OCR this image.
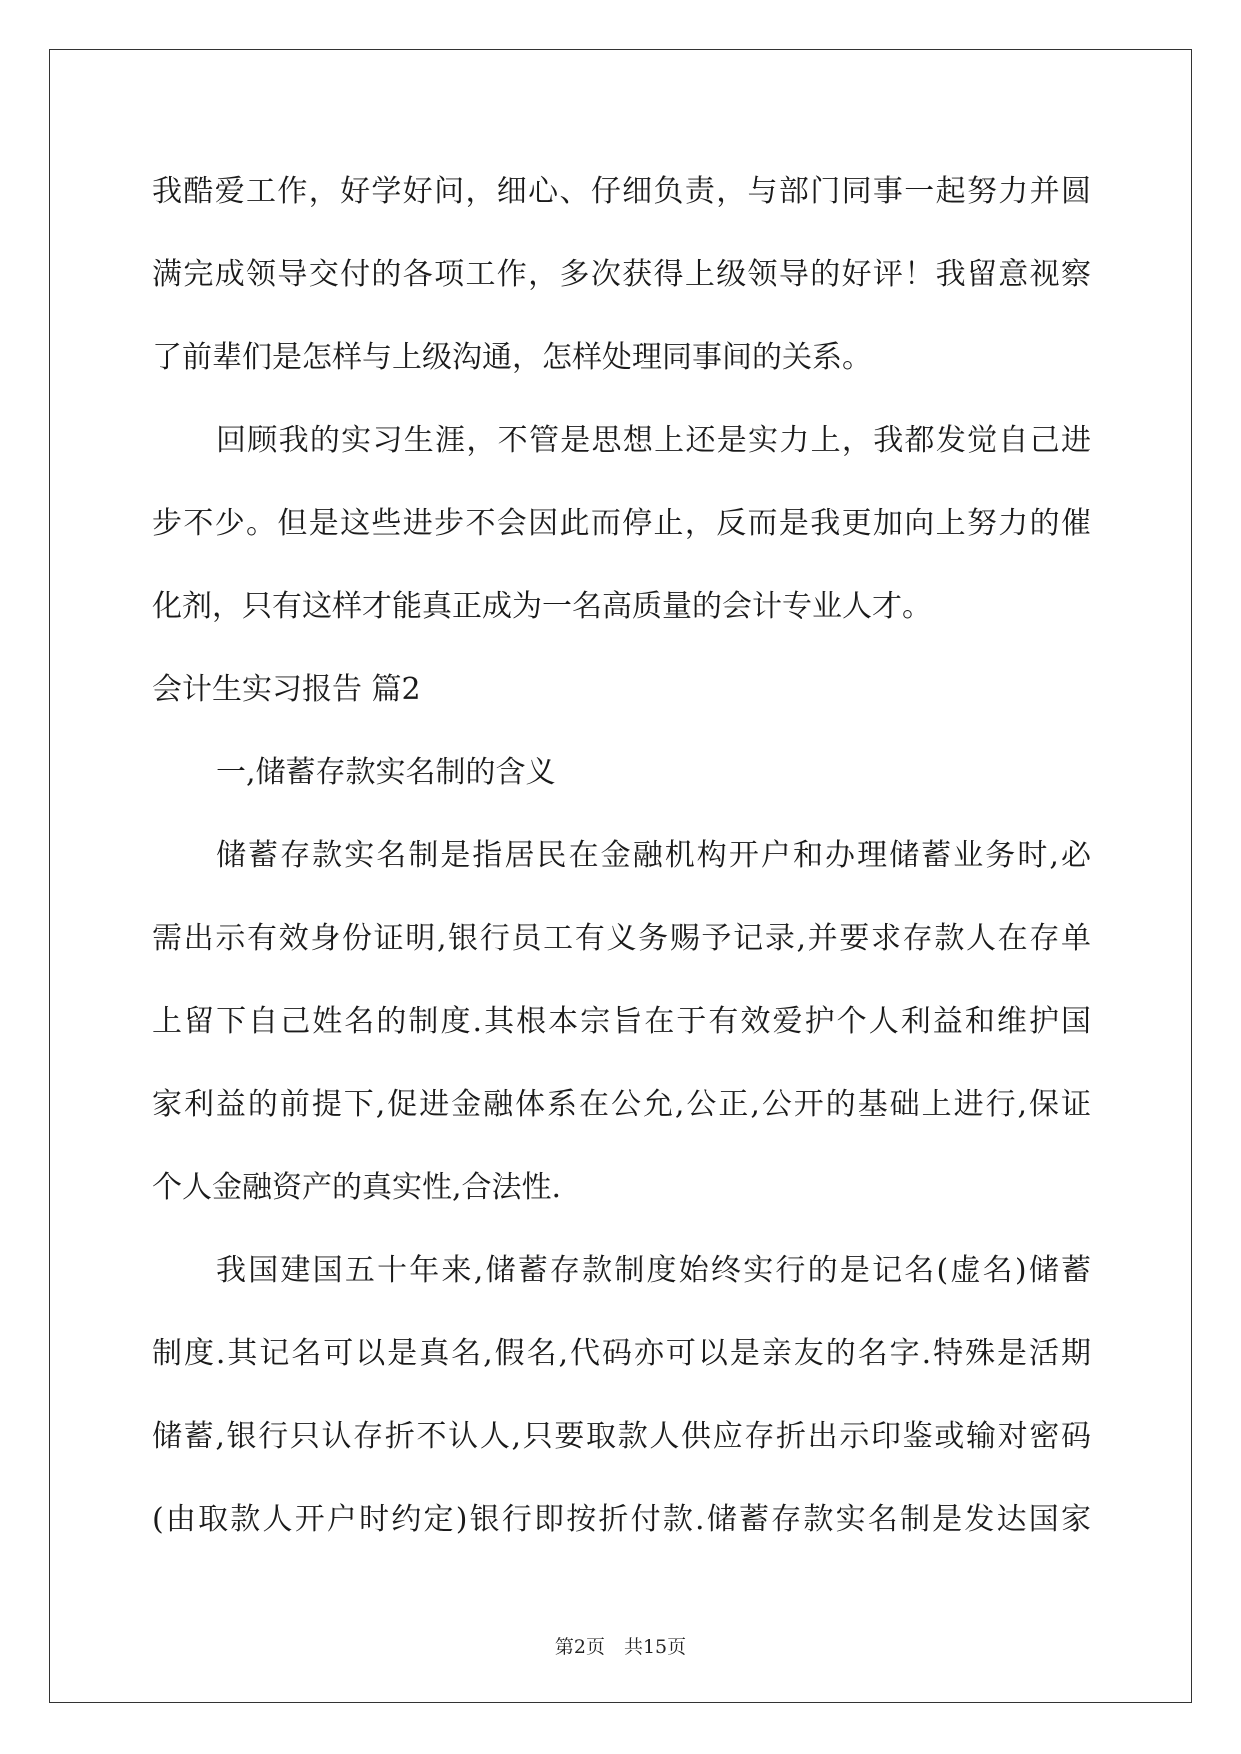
我酷爱工作，好学好问，细心、仔细负责，与部门同事一起努力并圆
满完成领导交付的各项工作，多次获得上级领导的好评！我留意视察
了前辈们是怎样与上级沟通，怎样处理同事间的关系。
回顾我的实习生涯，不管是思想上还是实力上，我都发觉自己进
步不少。但是这些进步不会因此而停止，反而是我更加向上努力的催
化剂，只有这样才能真正成为一名高质量的会计专业人才。
会计生实习报告 篇2
一,储蓄存款实名制的含义
储蓄存款实名制是指居民在金融机构开户和办理储蓄业务时,必
需出示有效身份证明,银行员工有义务赐予记录,并要求存款人在存单
上留下自己姓名的制度.其根本宗旨在于有效爱护个人利益和维护国
家利益的前提下,促进金融体系在公允,公正,公开的基础上进行,保证
个人金融资产的真实性,合法性.
我国建国五十年来,储蓄存款制度始终实行的是记名(虚名)储蓄
制度.其记名可以是真名,假名,代码亦可以是亲友的名字.特殊是活期
储蓄,银行只认存折不认人,只要取款人供应存折出示印鉴或输对密码
(由取款人开户时约定)银行即按折付款.储蓄存款实名制是发达国家
第2页　共15页
